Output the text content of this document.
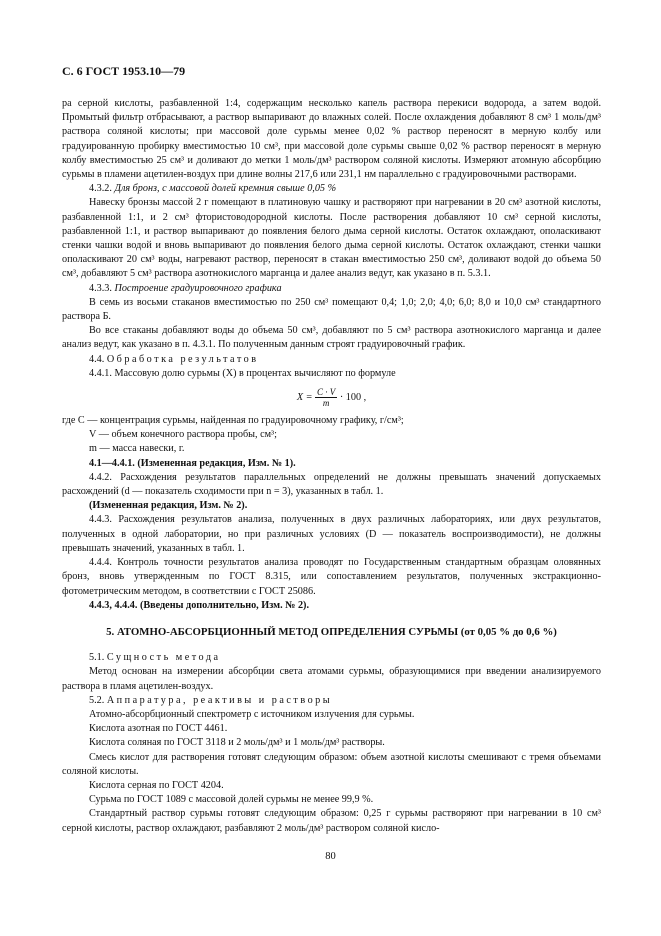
С. 6 ГОСТ 1953.10—79

ра серной кислоты, разбавленной 1:4, содержащим несколько капель раствора перекиси водорода, а затем водой. Промытый фильтр отбрасывают, а раствор выпаривают до влажных солей. После охлаждения добавляют 8 см³ 1 моль/дм³ раствора соляной кислоты; при массовой доле сурьмы менее 0,02 % раствор переносят в мерную колбу или градуированную пробирку вместимостью 10 см³, при массовой доле сурьмы свыше 0,02 % раствор переносят в мерную колбу вместимостью 25 см³ и доливают до метки 1 моль/дм³ раствором соляной кислоты. Измеряют атомную абсорбцию сурьмы в пламени ацетилен-воздух при длине волны 217,6 или 231,1 нм параллельно с градуировочными растворами.

4.3.2. Для бронз, с массовой долей кремния свыше 0,05 %

Навеску бронзы массой 2 г помещают в платиновую чашку и растворяют при нагревании в 20 см³ азотной кислоты, разбавленной 1:1, и 2 см³ фтористоводородной кислоты. После растворения добавляют 10 см³ серной кислоты, разбавленной 1:1, и раствор выпаривают до появления белого дыма серной кислоты. Остаток охлаждают, ополаскивают стенки чашки водой и вновь выпаривают до появления белого дыма серной кислоты. Остаток охлаждают, стенки чашки ополаскивают 20 см³ воды, нагревают раствор, переносят в стакан вместимостью 250 см³, доливают водой до объема 50 см³, добавляют 5 см³ раствора азотнокислого марганца и далее анализ ведут, как указано в п. 5.3.1.

4.3.3. Построение градуировочного графика

В семь из восьми стаканов вместимостью по 250 см³ помещают 0,4; 1,0; 2,0; 4,0; 6,0; 8,0 и 10,0 см³ стандартного раствора Б.

Во все стаканы добавляют воды до объема 50 см³, добавляют по 5 см³ раствора азотнокислого марганца и далее анализ ведут, как указано в п. 4.3.1. По полученным данным строят градуировочный график.

4.4. Обработка результатов

4.4.1. Массовую долю сурьмы (X) в процентах вычисляют по формуле

$X = \frac{C \cdot V}{m} \cdot 100$ ,

где C — концентрация сурьмы, найденная по градуировочному графику, г/см³;

V — объем конечного раствора пробы, см³;

m — масса навески, г.

4.1—4.4.1. (Измененная редакция, Изм. № 1).

4.4.2. Расхождения результатов параллельных определений не должны превышать значений допускаемых расхождений (d — показатель сходимости при n = 3), указанных в табл. 1.

(Измененная редакция, Изм. № 2).

4.4.3. Расхождения результатов анализа, полученных в двух различных лабораториях, или двух результатов, полученных в одной лаборатории, но при различных условиях (D — показатель воспроизводимости), не должны превышать значений, указанных в табл. 1.

4.4.4. Контроль точности результатов анализа проводят по Государственным стандартным образцам оловянных бронз, вновь утвержденным по ГОСТ 8.315, или сопоставлением результатов, полученных экстракционно-фотометрическим методом, в соответствии с ГОСТ 25086.

4.4.3, 4.4.4. (Введены дополнительно, Изм. № 2).

5. АТОМНО-АБСОРБЦИОННЫЙ МЕТОД ОПРЕДЕЛЕНИЯ СУРЬМЫ (от 0,05 % до 0,6 %)

5.1. Сущность метода

Метод основан на измерении абсорбции света атомами сурьмы, образующимися при введении анализируемого раствора в пламя ацетилен-воздух.

5.2. Аппаратура, реактивы и растворы

Атомно-абсорбционный спектрометр с источником излучения для сурьмы.

Кислота азотная по ГОСТ 4461.

Кислота соляная по ГОСТ 3118 и 2 моль/дм³ и 1 моль/дм³ растворы.

Смесь кислот для растворения готовят следующим образом: объем азотной кислоты смешивают с тремя объемами соляной кислоты.

Кислота серная по ГОСТ 4204.

Сурьма по ГОСТ 1089 с массовой долей сурьмы не менее 99,9 %.

Стандартный раствор сурьмы готовят следующим образом: 0,25 г сурьмы растворяют при нагревании в 10 см³ серной кислоты, раствор охлаждают, разбавляют 2 моль/дм³ раствором соляной кисло-

80
